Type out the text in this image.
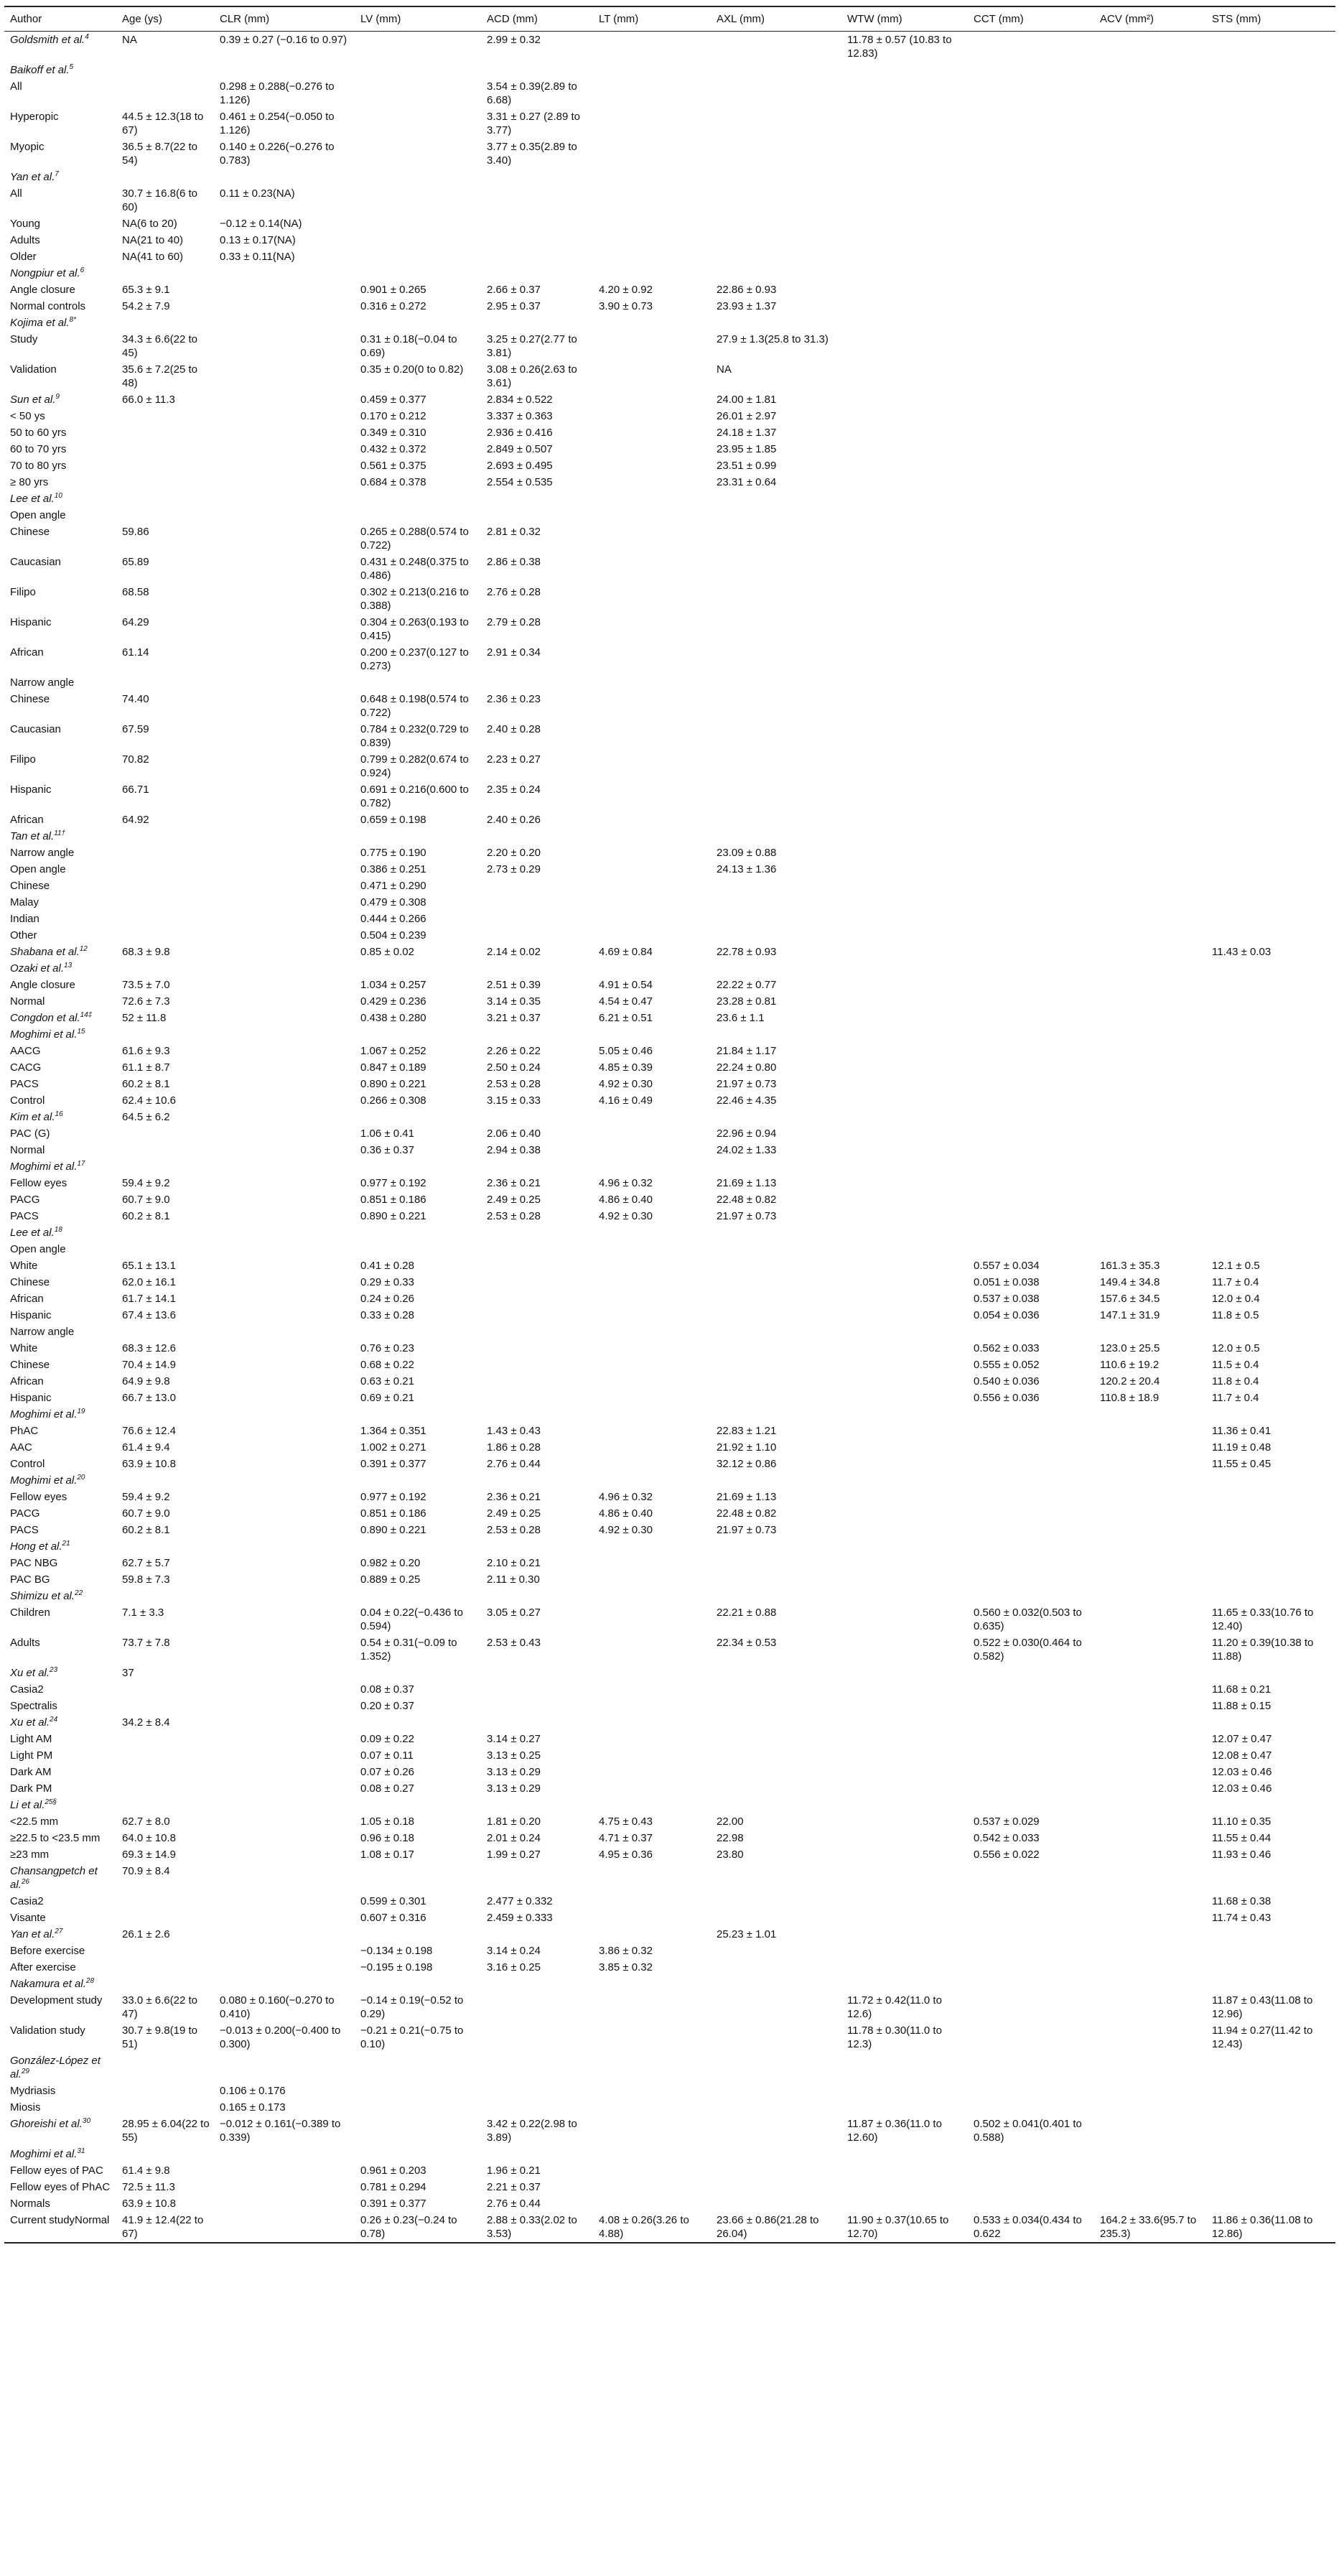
Author	Age (ys)	CLR (mm)	LV (mm)	ACD (mm)	LT (mm)	AXL (mm)	WTW (mm)	CCT (mm)	ACV (mm²)	STS (mm)
Goldsmith et al.$^4$	NA	0.39 ± 0.27 (−0.16 to 0.97)		2.99 ± 0.32			11.78 ± 0.57 (10.83 to 12.83)			
Baikoff et al.$^5$										
All		0.298 ± 0.288(−0.276 to 1.126)		3.54 ± 0.39(2.89 to 6.68)						
Hyperopic	44.5 ± 12.3(18 to 67)	0.461 ± 0.254(−0.050 to 1.126)		3.31 ± 0.27 (2.89 to 3.77)						
Myopic	36.5 ± 8.7(22 to 54)	0.140 ± 0.226(−0.276 to 0.783)		3.77 ± 0.35(2.89 to 3.40)						
Yan et al.$^7$										
All	30.7 ± 16.8(6 to 60)	0.11 ± 0.23(NA)								
Young	NA(6 to 20)	−0.12 ± 0.14(NA)								
Adults	NA(21 to 40)	0.13 ± 0.17(NA)								
Older	NA(41 to 60)	0.33 ± 0.11(NA)								
Nongpiur et al.$^6$										
Angle closure	65.3 ± 9.1		0.901 ± 0.265	2.66 ± 0.37	4.20 ± 0.92	22.86 ± 0.93				
Normal controls	54.2 ± 7.9		0.316 ± 0.272	2.95 ± 0.37	3.90 ± 0.73	23.93 ± 1.37				
Kojima et al.$^{8*}$										
Study	34.3 ± 6.6(22 to 45)		0.31 ± 0.18(−0.04 to 0.69)	3.25 ± 0.27(2.77 to 3.81)		27.9 ± 1.3(25.8 to 31.3)				
Validation	35.6 ± 7.2(25 to 48)		0.35 ± 0.20(0 to 0.82)	3.08 ± 0.26(2.63 to 3.61)		NA				
Sun et al.$^9$	66.0 ± 11.3		0.459 ± 0.377	2.834 ± 0.522		24.00 ± 1.81				
< 50 ys			0.170 ± 0.212	3.337 ± 0.363		26.01 ± 2.97				
50 to 60 yrs			0.349 ± 0.310	2.936 ± 0.416		24.18 ± 1.37				
60 to 70 yrs			0.432 ± 0.372	2.849 ± 0.507		23.95 ± 1.85				
70 to 80 yrs			0.561 ± 0.375	2.693 ± 0.495		23.51 ± 0.99				
≥ 80 yrs			0.684 ± 0.378	2.554 ± 0.535		23.31 ± 0.64				
Lee et al.$^{10}$										
Open angle										
Chinese	59.86		0.265 ± 0.288(0.574 to 0.722)	2.81 ± 0.32						
Caucasian	65.89		0.431 ± 0.248(0.375 to 0.486)	2.86 ± 0.38						
Filipo	68.58		0.302 ± 0.213(0.216 to 0.388)	2.76 ± 0.28						
Hispanic	64.29		0.304 ± 0.263(0.193 to 0.415)	2.79 ± 0.28						
African	61.14		0.200 ± 0.237(0.127 to 0.273)	2.91 ± 0.34						
Narrow angle										
Chinese	74.40		0.648 ± 0.198(0.574 to 0.722)	2.36 ± 0.23						
Caucasian	67.59		0.784 ± 0.232(0.729 to 0.839)	2.40 ± 0.28						
Filipo	70.82		0.799 ± 0.282(0.674 to 0.924)	2.23 ± 0.27						
Hispanic	66.71		0.691 ± 0.216(0.600 to 0.782)	2.35 ± 0.24						
African	64.92		0.659 ± 0.198	2.40 ± 0.26						
Tan et al.$^{11\dagger}$										
Narrow angle			0.775 ± 0.190	2.20 ± 0.20		23.09 ± 0.88				
Open angle			0.386 ± 0.251	2.73 ± 0.29		24.13 ± 1.36				
Chinese			0.471 ± 0.290							
Malay			0.479 ± 0.308							
Indian			0.444 ± 0.266							
Other			0.504 ± 0.239							
Shabana et al.$^{12}$	68.3 ± 9.8		0.85 ± 0.02	2.14 ± 0.02	4.69 ± 0.84	22.78 ± 0.93				11.43 ± 0.03
Ozaki et al.$^{13}$										
Angle closure	73.5 ± 7.0		1.034 ± 0.257	2.51 ± 0.39	4.91 ± 0.54	22.22 ± 0.77				
Normal	72.6 ± 7.3		0.429 ± 0.236	3.14 ± 0.35	4.54 ± 0.47	23.28 ± 0.81				
Congdon et al.$^{14\ddagger}$	52 ± 11.8		0.438 ± 0.280	3.21 ± 0.37	6.21 ± 0.51	23.6 ± 1.1				
Moghimi et al.$^{15}$										
AACG	61.6 ± 9.3		1.067 ± 0.252	2.26 ± 0.22	5.05 ± 0.46	21.84 ± 1.17				
CACG	61.1 ± 8.7		0.847 ± 0.189	2.50 ± 0.24	4.85 ± 0.39	22.24 ± 0.80				
PACS	60.2 ± 8.1		0.890 ± 0.221	2.53 ± 0.28	4.92 ± 0.30	21.97 ± 0.73				
Control	62.4 ± 10.6		0.266 ± 0.308	3.15 ± 0.33	4.16 ± 0.49	22.46 ± 4.35				
Kim et al.$^{16}$	64.5 ± 6.2									
PAC (G)			1.06 ± 0.41	2.06 ± 0.40		22.96 ± 0.94				
Normal			0.36 ± 0.37	2.94 ± 0.38		24.02 ± 1.33				
Moghimi et al.$^{17}$										
Fellow eyes	59.4 ± 9.2		0.977 ± 0.192	2.36 ± 0.21	4.96 ± 0.32	21.69 ± 1.13				
PACG	60.7 ± 9.0		0.851 ± 0.186	2.49 ± 0.25	4.86 ± 0.40	22.48 ± 0.82				
PACS	60.2 ± 8.1		0.890 ± 0.221	2.53 ± 0.28	4.92 ± 0.30	21.97 ± 0.73				
Lee et al.$^{18}$										
Open angle										
White	65.1 ± 13.1		0.41 ± 0.28					0.557 ± 0.034	161.3 ± 35.3	12.1 ± 0.5
Chinese	62.0 ± 16.1		0.29 ± 0.33					0.051 ± 0.038	149.4 ± 34.8	11.7 ± 0.4
African	61.7 ± 14.1		0.24 ± 0.26					0.537 ± 0.038	157.6 ± 34.5	12.0 ± 0.4
Hispanic	67.4 ± 13.6		0.33 ± 0.28					0.054 ± 0.036	147.1 ± 31.9	11.8 ± 0.5
Narrow angle										
White	68.3 ± 12.6		0.76 ± 0.23					0.562 ± 0.033	123.0 ± 25.5	12.0 ± 0.5
Chinese	70.4 ± 14.9		0.68 ± 0.22					0.555 ± 0.052	110.6 ± 19.2	11.5 ± 0.4
African	64.9 ± 9.8		0.63 ± 0.21					0.540 ± 0.036	120.2 ± 20.4	11.8 ± 0.4
Hispanic	66.7 ± 13.0		0.69 ± 0.21					0.556 ± 0.036	110.8 ± 18.9	11.7 ± 0.4
Moghimi et al.$^{19}$										
PhAC	76.6 ± 12.4		1.364 ± 0.351	1.43 ± 0.43		22.83 ± 1.21				11.36 ± 0.41
AAC	61.4 ± 9.4		1.002 ± 0.271	1.86 ± 0.28		21.92 ± 1.10				11.19 ± 0.48
Control	63.9 ± 10.8		0.391 ± 0.377	2.76 ± 0.44		32.12 ± 0.86				11.55 ± 0.45
Moghimi et al.$^{20}$										
Fellow eyes	59.4 ± 9.2		0.977 ± 0.192	2.36 ± 0.21	4.96 ± 0.32	21.69 ± 1.13				
PACG	60.7 ± 9.0		0.851 ± 0.186	2.49 ± 0.25	4.86 ± 0.40	22.48 ± 0.82				
PACS	60.2 ± 8.1		0.890 ± 0.221	2.53 ± 0.28	4.92 ± 0.30	21.97 ± 0.73				
Hong et al.$^{21}$										
PAC NBG	62.7 ± 5.7		0.982 ± 0.20	2.10 ± 0.21						
PAC BG	59.8 ± 7.3		0.889 ± 0.25	2.11 ± 0.30						
Shimizu et al.$^{22}$										
Children	7.1 ± 3.3		0.04 ± 0.22(−0.436 to 0.594)	3.05 ± 0.27		22.21 ± 0.88		0.560 ± 0.032(0.503 to 0.635)		11.65 ± 0.33(10.76 to 12.40)
Adults	73.7 ± 7.8		0.54 ± 0.31(−0.09 to 1.352)	2.53 ± 0.43		22.34 ± 0.53		0.522 ± 0.030(0.464 to 0.582)		11.20 ± 0.39(10.38 to 11.88)
Xu et al.$^{23}$	37									
Casia2			0.08 ± 0.37							11.68 ± 0.21
Spectralis			0.20 ± 0.37							11.88 ± 0.15
Xu et al.$^{24}$	34.2 ± 8.4									
Light AM			0.09 ± 0.22	3.14 ± 0.27						12.07 ± 0.47
Light PM			0.07 ± 0.11	3.13 ± 0.25						12.08 ± 0.47
Dark AM			0.07 ± 0.26	3.13 ± 0.29						12.03 ± 0.46
Dark PM			0.08 ± 0.27	3.13 ± 0.29						12.03 ± 0.46
Li et al.$^{25\S}$										
<22.5 mm	62.7 ± 8.0		1.05 ± 0.18	1.81 ± 0.20	4.75 ± 0.43	22.00		0.537 ± 0.029		11.10 ± 0.35
≥22.5 to <23.5 mm	64.0 ± 10.8		0.96 ± 0.18	2.01 ± 0.24	4.71 ± 0.37	22.98		0.542 ± 0.033		11.55 ± 0.44
≥23 mm	69.3 ± 14.9		1.08 ± 0.17	1.99 ± 0.27	4.95 ± 0.36	23.80		0.556 ± 0.022		11.93 ± 0.46
Chansangpetch et al.$^{26}$	70.9 ± 8.4									
Casia2			0.599 ± 0.301	2.477 ± 0.332						11.68 ± 0.38
Visante			0.607 ± 0.316	2.459 ± 0.333						11.74 ± 0.43
Yan et al.$^{27}$	26.1 ± 2.6					25.23 ± 1.01				
Before exercise			−0.134 ± 0.198	3.14 ± 0.24	3.86 ± 0.32					
After exercise			−0.195 ± 0.198	3.16 ± 0.25	3.85 ± 0.32					
Nakamura et al.$^{28}$										
Development study	33.0 ± 6.6(22 to 47)	0.080 ± 0.160(−0.270 to 0.410)	−0.14 ± 0.19(−0.52 to 0.29)				11.72 ± 0.42(11.0 to 12.6)			11.87 ± 0.43(11.08 to 12.96)
Validation study	30.7 ± 9.8(19 to 51)	−0.013 ± 0.200(−0.400 to 0.300)	−0.21 ± 0.21(−0.75 to 0.10)				11.78 ± 0.30(11.0 to 12.3)			11.94 ± 0.27(11.42 to 12.43)
González-López et al.$^{29}$										
Mydriasis		0.106 ± 0.176								
Miosis		0.165 ± 0.173								
Ghoreishi et al.$^{30}$	28.95 ± 6.04(22 to 55)	−0.012 ± 0.161(−0.389 to 0.339)		3.42 ± 0.22(2.98 to 3.89)			11.87 ± 0.36(11.0 to 12.60)	0.502 ± 0.041(0.401 to 0.588)		
Moghimi et al.$^{31}$										
Fellow eyes of PAC	61.4 ± 9.8		0.961 ± 0.203	1.96 ± 0.21						
Fellow eyes of PhAC	72.5 ± 11.3		0.781 ± 0.294	2.21 ± 0.37						
Normals	63.9 ± 10.8		0.391 ± 0.377	2.76 ± 0.44						
Current studyNormal	41.9 ± 12.4(22 to 67)		0.26 ± 0.23(−0.24 to 0.78)	2.88 ± 0.33(2.02 to 3.53)	4.08 ± 0.26(3.26 to 4.88)	23.66 ± 0.86(21.28 to 26.04)	11.90 ± 0.37(10.65 to 12.70)	0.533 ± 0.034(0.434 to 0.622	164.2 ± 33.6(95.7 to 235.3)	11.86 ± 0.36(11.08 to 12.86)
